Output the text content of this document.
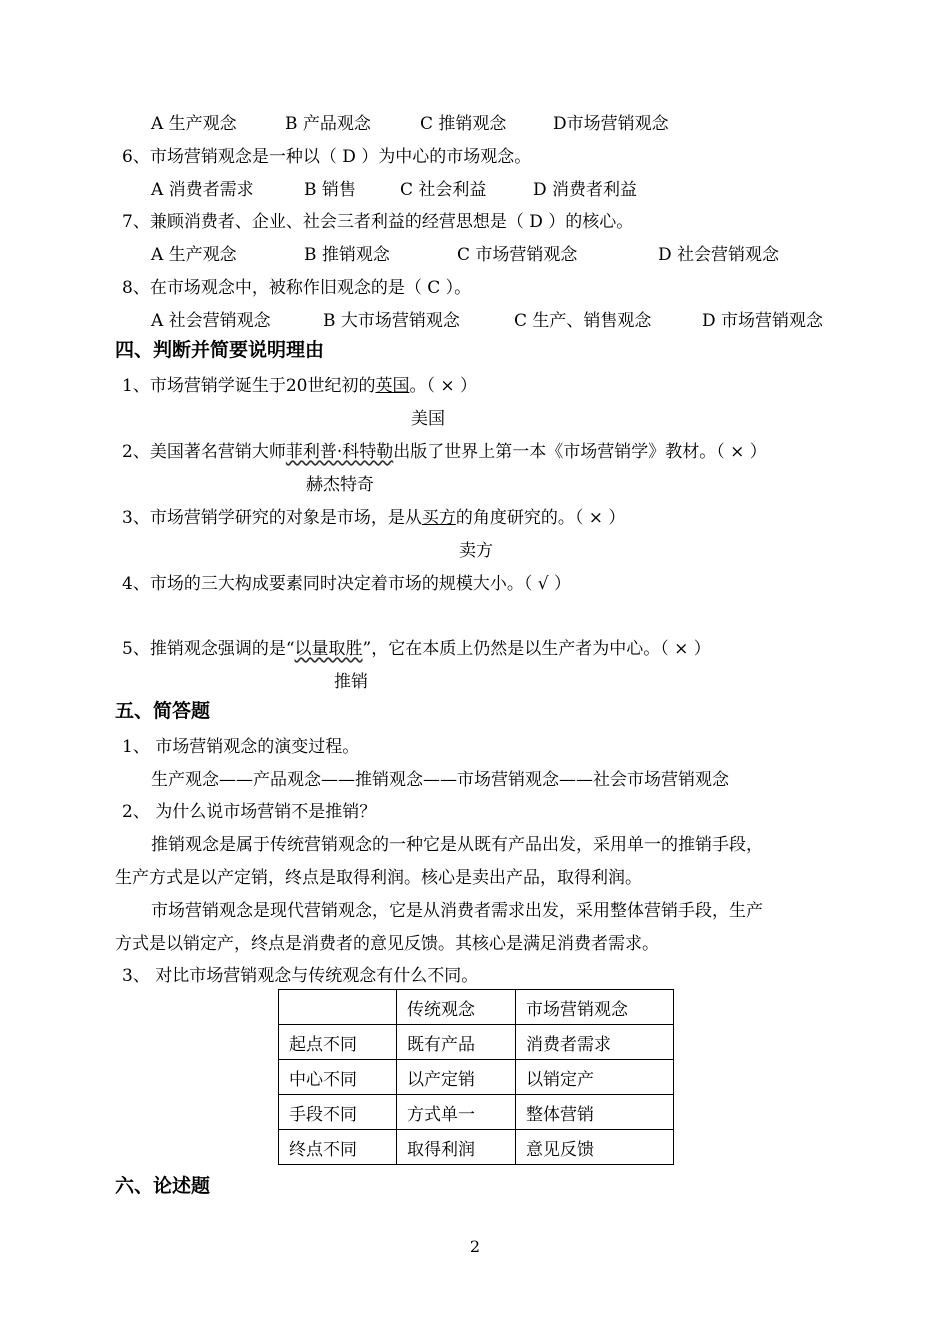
A 生产观念	B 产品观念	C 推销观念	D市场营销观念
6、市场营销观念是一种以（ D ）为中心的市场观念。
A 消费者需求	B 销售	C 社会利益	D 消费者利益
7、兼顾消费者、企业、社会三者利益的经营思想是（ D ）的核心。
A 生产观念	B 推销观念	C 市场营销观念	D 社会营销观念
8、在市场观念中，被称作旧观念的是（ C ）。
A 社会营销观念	B 大市场营销观念	C 生产、销售观念	D 市场营销观念
四、判断并简要说明理由
1、市场营销学诞生于20世纪初的英国。（ × ）
美国
2、美国著名营销大师菲利普·科特勒出版了世界上第一本《市场营销学》教材。（ × ）
赫杰特奇
3、市场营销学研究的对象是市场，是从买方的角度研究的。（ × ）
卖方
4、市场的三大构成要素同时决定着市场的规模大小。（ √ ）
5、推销观念强调的是“以量取胜”，它在本质上仍然是以生产者为中心。（ × ）
推销
五、简答题
1、 市场营销观念的演变过程。
生产观念——产品观念——推销观念——市场营销观念——社会市场营销观念
2、 为什么说市场营销不是推销？
推销观念是属于传统营销观念的一种它是从既有产品出发，采用单一的推销手段，
生产方式是以产定销，终点是取得利润。核心是卖出产品，取得利润。
市场营销观念是现代营销观念，它是从消费者需求出发，采用整体营销手段，生产
方式是以销定产，终点是消费者的意见反馈。其核心是满足消费者需求。
3、 对比市场营销观念与传统观念有什么不同。
	传统观念	市场营销观念
起点不同	既有产品	消费者需求
中心不同	以产定销	以销定产
手段不同	方式单一	整体营销
终点不同	取得利润	意见反馈
六、论述题
2
